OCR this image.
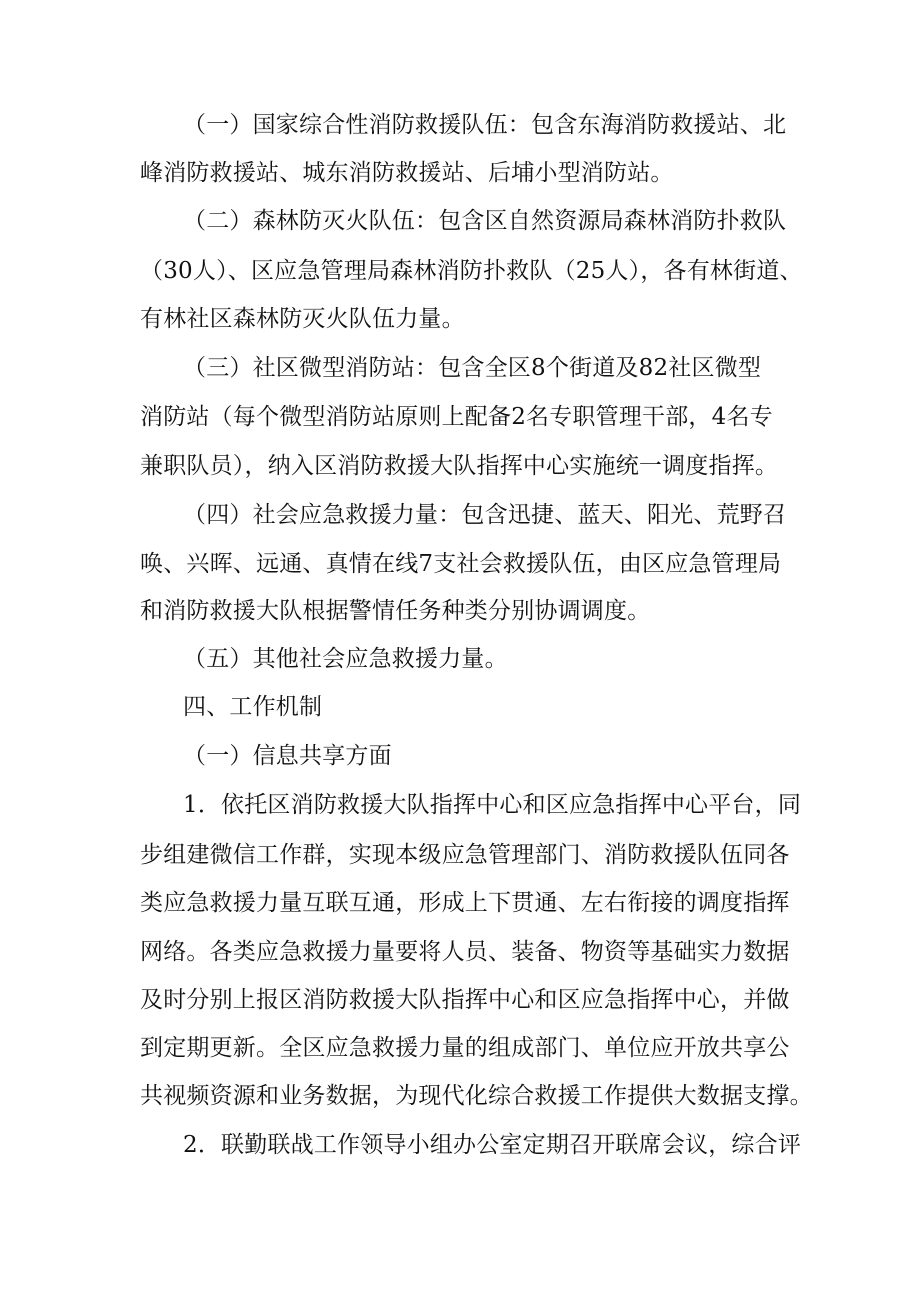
（一）国家综合性消防救援队伍：包含东海消防救援站、北
峰消防救援站、城东消防救援站、后埔小型消防站。
（二）森林防灭火队伍：包含区自然资源局森林消防扑救队
（30人）、区应急管理局森林消防扑救队（25人），各有林街道、
有林社区森林防灭火队伍力量。
（三）社区微型消防站：包含全区8个街道及82社区微型
消防站（每个微型消防站原则上配备2名专职管理干部，4名专
兼职队员），纳入区消防救援大队指挥中心实施统一调度指挥。
（四）社会应急救援力量：包含迅捷、蓝天、阳光、荒野召
唤、兴晖、远通、真情在线7支社会救援队伍，由区应急管理局
和消防救援大队根据警情任务种类分别协调调度。
（五）其他社会应急救援力量。
四、工作机制
（一）信息共享方面
1．依托区消防救援大队指挥中心和区应急指挥中心平台，同
步组建微信工作群，实现本级应急管理部门、消防救援队伍同各
类应急救援力量互联互通，形成上下贯通、左右衔接的调度指挥
网络。各类应急救援力量要将人员、装备、物资等基础实力数据
及时分别上报区消防救援大队指挥中心和区应急指挥中心，并做
到定期更新。全区应急救援力量的组成部门、单位应开放共享公
共视频资源和业务数据，为现代化综合救援工作提供大数据支撑。
2．联勤联战工作领导小组办公室定期召开联席会议，综合评
